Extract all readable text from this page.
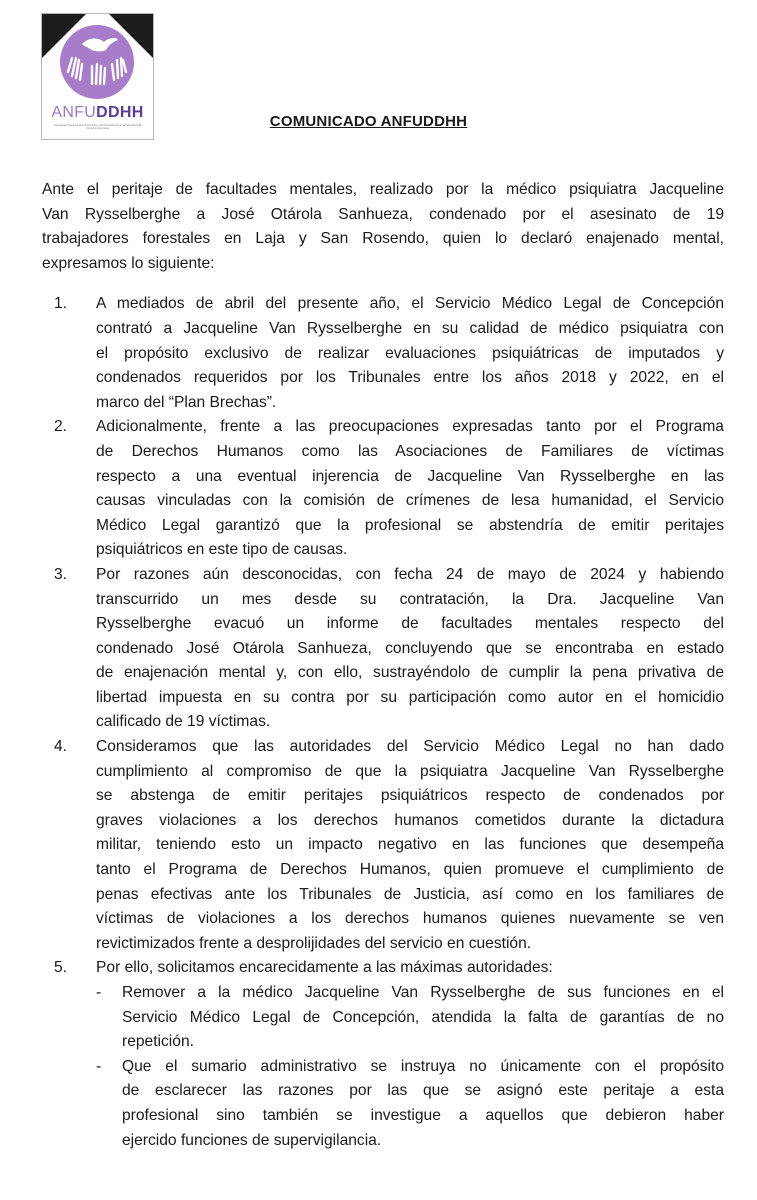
ANFUDDHH
Agrupación Nacional de Funcionarios y Funcionarias de la Subsecretaría de Derechos Humanos	COMUNICADO ANFUDDHH
Ante el peritaje de facultades mentales, realizado por la médico psiquiatra Jacqueline
Van Rysselberghe a José Otárola Sanhueza, condenado por el asesinato de 19
trabajadores forestales en Laja y San Rosendo, quien lo declaró enajenado mental,
expresamos lo siguiente:
1. A mediados de abril del presente año, el Servicio Médico Legal de Concepción
contrató a Jacqueline Van Rysselberghe en su calidad de médico psiquiatra con
el propósito exclusivo de realizar evaluaciones psiquiátricas de imputados y
condenados requeridos por los Tribunales entre los años 2018 y 2022, en el
marco del “Plan Brechas”.
2. Adicionalmente, frente a las preocupaciones expresadas tanto por el Programa
de Derechos Humanos como las Asociaciones de Familiares de víctimas
respecto a una eventual injerencia de Jacqueline Van Rysselberghe en las
causas vinculadas con la comisión de crímenes de lesa humanidad, el Servicio
Médico Legal garantizó que la profesional se abstendría de emitir peritajes
psiquiátricos en este tipo de causas.
3. Por razones aún desconocidas, con fecha 24 de mayo de 2024 y habiendo
transcurrido un mes desde su contratación, la Dra. Jacqueline Van
Rysselberghe evacuó un informe de facultades mentales respecto del
condenado José Otárola Sanhueza, concluyendo que se encontraba en estado
de enajenación mental y, con ello, sustrayéndolo de cumplir la pena privativa de
libertad impuesta en su contra por su participación como autor en el homicidio
calificado de 19 víctimas.
4. Consideramos que las autoridades del Servicio Médico Legal no han dado
cumplimiento al compromiso de que la psiquiatra Jacqueline Van Rysselberghe
se abstenga de emitir peritajes psiquiátricos respecto de condenados por
graves violaciones a los derechos humanos cometidos durante la dictadura
militar, teniendo esto un impacto negativo en las funciones que desempeña
tanto el Programa de Derechos Humanos, quien promueve el cumplimiento de
penas efectivas ante los Tribunales de Justicia, así como en los familiares de
víctimas de violaciones a los derechos humanos quienes nuevamente se ven
revictimizados frente a desprolijidades del servicio en cuestión.
5. Por ello, solicitamos encarecidamente a las máximas autoridades:
- Remover a la médico Jacqueline Van Rysselberghe de sus funciones en el
Servicio Médico Legal de Concepción, atendida la falta de garantías de no
repetición.
- Que el sumario administrativo se instruya no únicamente con el propósito
de esclarecer las razones por las que se asignó este peritaje a esta
profesional sino también se investigue a aquellos que debieron haber
ejercido funciones de supervigilancia.
